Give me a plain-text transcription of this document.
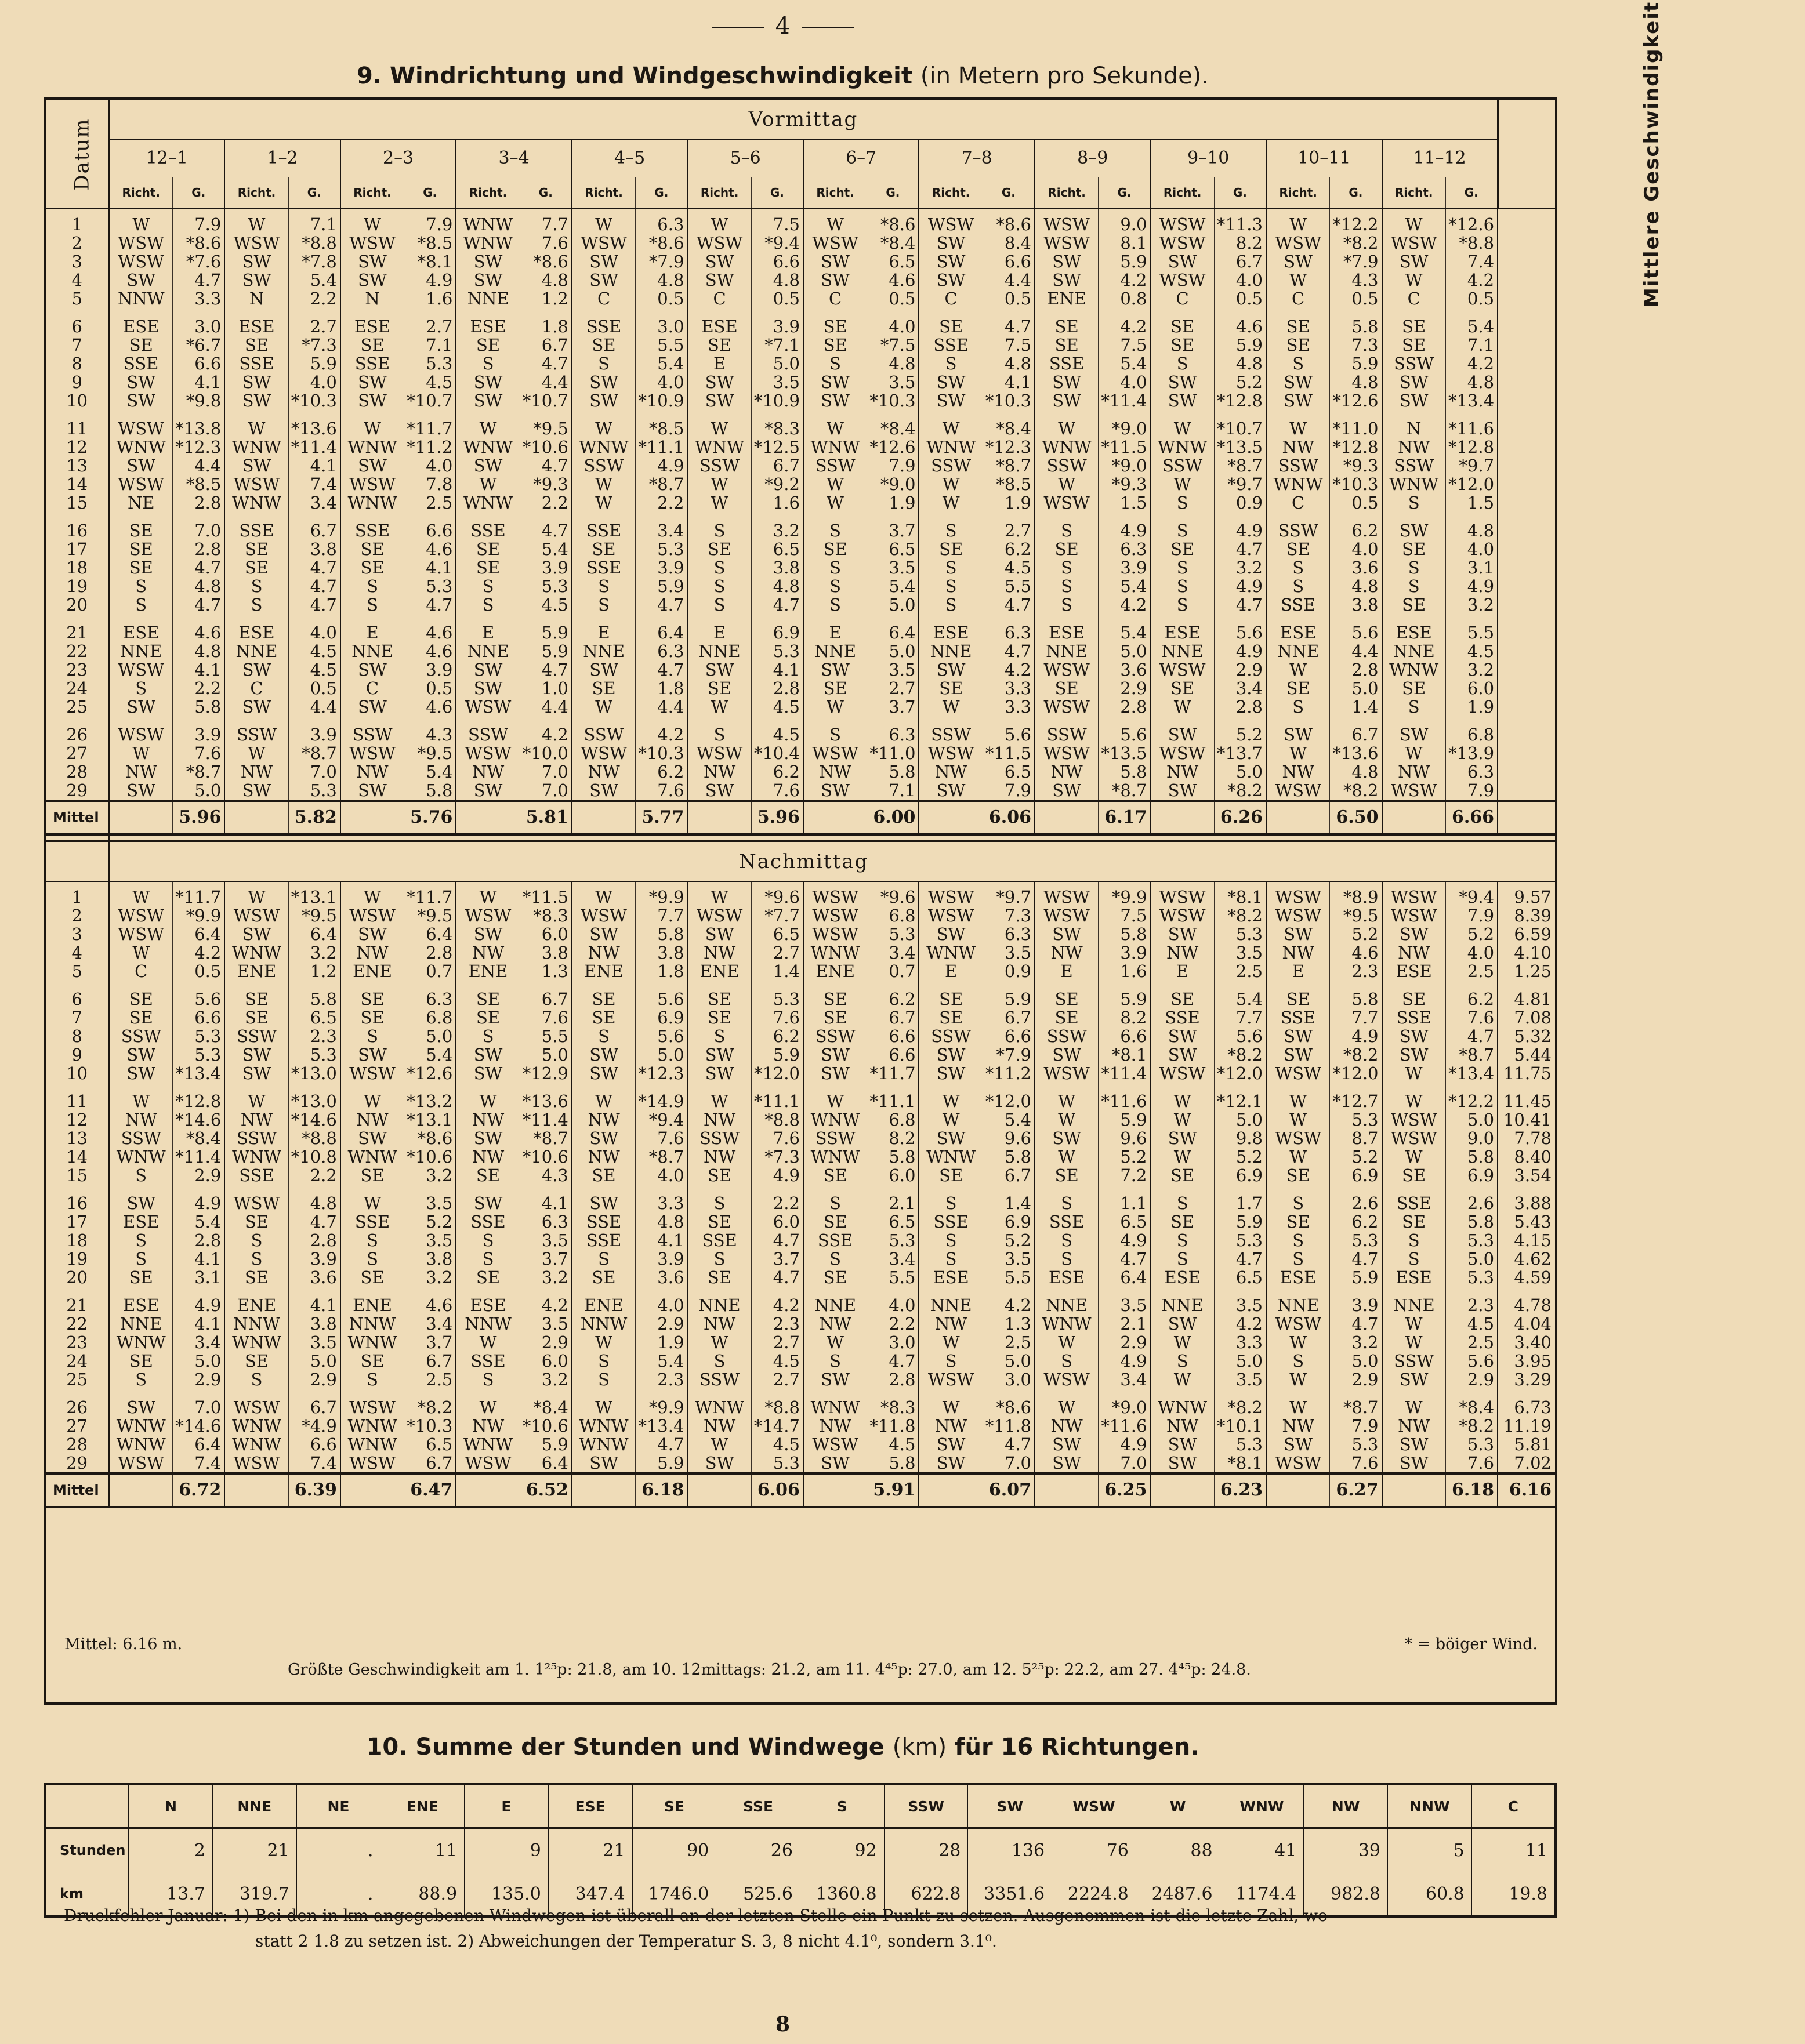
4
9. Windrichtung und Windgeschwindigkeit (in Metern pro Sekunde).
Datum	Vormittag																								Mittlere Geschwindigkeit
	12–1		1–2		2–3		3–4		4–5		5–6		6–7		7–8		8–9		9–10		10–11		11–12		
	Richt.	G.	Richt.	G.	Richt.	G.	Richt.	G.	Richt.	G.	Richt.	G.	Richt.	G.	Richt.	G.	Richt.	G.	Richt.	G.	Richt.	G.	Richt.	G.	
1	W	7.9	W	7.1	W	7.9	WNW	7.7	W	6.3	W	7.5	W	*8.6	WSW	*8.6	WSW	9.0	WSW	*11.3	W	*12.2	W	*12.6	
2	WSW	*8.6	WSW	*8.8	WSW	*8.5	WNW	7.6	WSW	*8.6	WSW	*9.4	WSW	*8.4	SW	8.4	WSW	8.1	WSW	8.2	WSW	*8.2	WSW	*8.8	
3	WSW	*7.6	SW	*7.8	SW	*8.1	SW	*8.6	SW	*7.9	SW	6.6	SW	6.5	SW	6.6	SW	5.9	SW	6.7	SW	*7.9	SW	7.4	
4	SW	4.7	SW	5.4	SW	4.9	SW	4.8	SW	4.8	SW	4.8	SW	4.6	SW	4.4	SW	4.2	WSW	4.0	W	4.3	W	4.2	
5	NNW	3.3	N	2.2	N	1.6	NNE	1.2	C	0.5	C	0.5	C	0.5	C	0.5	ENE	0.8	C	0.5	C	0.5	C	0.5	
6	ESE	3.0	ESE	2.7	ESE	2.7	ESE	1.8	SSE	3.0	ESE	3.9	SE	4.0	SE	4.7	SE	4.2	SE	4.6	SE	5.8	SE	5.4	
7	SE	*6.7	SE	*7.3	SE	7.1	SE	6.7	SE	5.5	SE	*7.1	SE	*7.5	SSE	7.5	SE	7.5	SE	5.9	SE	7.3	SE	7.1	
8	SSE	6.6	SSE	5.9	SSE	5.3	S	4.7	S	5.4	E	5.0	S	4.8	S	4.8	SSE	5.4	S	4.8	S	5.9	SSW	4.2	
9	SW	4.1	SW	4.0	SW	4.5	SW	4.4	SW	4.0	SW	3.5	SW	3.5	SW	4.1	SW	4.0	SW	5.2	SW	4.8	SW	4.8	
10	SW	*9.8	SW	*10.3	SW	*10.7	SW	*10.7	SW	*10.9	SW	*10.9	SW	*10.3	SW	*10.3	SW	*11.4	SW	*12.8	SW	*12.6	SW	*13.4	
11	WSW	*13.8	W	*13.6	W	*11.7	W	*9.5	W	*8.5	W	*8.3	W	*8.4	W	*8.4	W	*9.0	W	*10.7	W	*11.0	N	*11.6	
12	WNW	*12.3	WNW	*11.4	WNW	*11.2	WNW	*10.6	WNW	*11.1	WNW	*12.5	WNW	*12.6	WNW	*12.3	WNW	*11.5	WNW	*13.5	NW	*12.8	NW	*12.8	
13	SW	4.4	SW	4.1	SW	4.0	SW	4.7	SSW	4.9	SSW	6.7	SSW	7.9	SSW	*8.7	SSW	*9.0	SSW	*8.7	SSW	*9.3	SSW	*9.7	
14	WSW	*8.5	WSW	7.4	WSW	7.8	W	*9.3	W	*8.7	W	*9.2	W	*9.0	W	*8.5	W	*9.3	W	*9.7	WNW	*10.3	WNW	*12.0	
15	NE	2.8	WNW	3.4	WNW	2.5	WNW	2.2	W	2.2	W	1.6	W	1.9	W	1.9	WSW	1.5	S	0.9	C	0.5	S	1.5	
16	SE	7.0	SSE	6.7	SSE	6.6	SSE	4.7	SSE	3.4	S	3.2	S	3.7	S	2.7	S	4.9	S	4.9	SSW	6.2	SW	4.8	
17	SE	2.8	SE	3.8	SE	4.6	SE	5.4	SE	5.3	SE	6.5	SE	6.5	SE	6.2	SE	6.3	SE	4.7	SE	4.0	SE	4.0	
18	SE	4.7	SE	4.7	SE	4.1	SE	3.9	SSE	3.9	S	3.8	S	3.5	S	4.5	S	3.9	S	3.2	S	3.6	S	3.1	
19	S	4.8	S	4.7	S	5.3	S	5.3	S	5.9	S	4.8	S	5.4	S	5.5	S	5.4	S	4.9	S	4.8	S	4.9	
20	S	4.7	S	4.7	S	4.7	S	4.5	S	4.7	S	4.7	S	5.0	S	4.7	S	4.2	S	4.7	SSE	3.8	SE	3.2	
21	ESE	4.6	ESE	4.0	E	4.6	E	5.9	E	6.4	E	6.9	E	6.4	ESE	6.3	ESE	5.4	ESE	5.6	ESE	5.6	ESE	5.5	
22	NNE	4.8	NNE	4.5	NNE	4.6	NNE	5.9	NNE	6.3	NNE	5.3	NNE	5.0	NNE	4.7	NNE	5.0	NNE	4.9	NNE	4.4	NNE	4.5	
23	WSW	4.1	SW	4.5	SW	3.9	SW	4.7	SW	4.7	SW	4.1	SW	3.5	SW	4.2	WSW	3.6	WSW	2.9	W	2.8	WNW	3.2	
24	S	2.2	C	0.5	C	0.5	SW	1.0	SE	1.8	SE	2.8	SE	2.7	SE	3.3	SE	2.9	SE	3.4	SE	5.0	SE	6.0	
25	SW	5.8	SW	4.4	SW	4.6	WSW	4.4	W	4.4	W	4.5	W	3.7	W	3.3	WSW	2.8	W	2.8	S	1.4	S	1.9	
26	WSW	3.9	SSW	3.9	SSW	4.3	SSW	4.2	SSW	4.2	S	4.5	S	6.3	SSW	5.6	SSW	5.6	SW	5.2	SW	6.7	SW	6.8	
27	W	7.6	W	*8.7	WSW	*9.5	WSW	*10.0	WSW	*10.3	WSW	*10.4	WSW	*11.0	WSW	*11.5	WSW	*13.5	WSW	*13.7	W	*13.6	W	*13.9	
28	NW	*8.7	NW	7.0	NW	5.4	NW	7.0	NW	6.2	NW	6.2	NW	5.8	NW	6.5	NW	5.8	NW	5.0	NW	4.8	NW	6.3	
29	SW	5.0	SW	5.3	SW	5.8	SW	7.0	SW	7.6	SW	7.6	SW	7.1	SW	7.9	SW	*8.7	SW	*8.2	WSW	*8.2	WSW	7.9	
Mittel		5.96		5.82		5.76		5.81		5.77		5.96		6.00		6.06		6.17		6.26		6.50		6.66	

	Nachmittag																								
1	W	*11.7	W	*13.1	W	*11.7	W	*11.5	W	*9.9	W	*9.6	WSW	*9.6	WSW	*9.7	WSW	*9.9	WSW	*8.1	WSW	*8.9	WSW	*9.4	9.57
2	WSW	*9.9	WSW	*9.5	WSW	*9.5	WSW	*8.3	WSW	7.7	WSW	*7.7	WSW	6.8	WSW	7.3	WSW	7.5	WSW	*8.2	WSW	*9.5	WSW	7.9	8.39
3	WSW	6.4	SW	6.4	SW	6.4	SW	6.0	SW	5.8	SW	6.5	WSW	5.3	SW	6.3	SW	5.8	SW	5.3	SW	5.2	SW	5.2	6.59
4	W	4.2	WNW	3.2	NW	2.8	NW	3.8	NW	3.8	NW	2.7	WNW	3.4	WNW	3.5	NW	3.9	NW	3.5	NW	4.6	NW	4.0	4.10
5	C	0.5	ENE	1.2	ENE	0.7	ENE	1.3	ENE	1.8	ENE	1.4	ENE	0.7	E	0.9	E	1.6	E	2.5	E	2.3	ESE	2.5	1.25
6	SE	5.6	SE	5.8	SE	6.3	SE	6.7	SE	5.6	SE	5.3	SE	6.2	SE	5.9	SE	5.9	SE	5.4	SE	5.8	SE	6.2	4.81
7	SE	6.6	SE	6.5	SE	6.8	SE	7.6	SE	6.9	SE	7.6	SE	6.7	SE	6.7	SE	8.2	SSE	7.7	SSE	7.7	SSE	7.6	7.08
8	SSW	5.3	SSW	2.3	S	5.0	S	5.5	S	5.6	S	6.2	SSW	6.6	SSW	6.6	SSW	6.6	SW	5.6	SW	4.9	SW	4.7	5.32
9	SW	5.3	SW	5.3	SW	5.4	SW	5.0	SW	5.0	SW	5.9	SW	6.6	SW	*7.9	SW	*8.1	SW	*8.2	SW	*8.2	SW	*8.7	5.44
10	SW	*13.4	SW	*13.0	WSW	*12.6	SW	*12.9	SW	*12.3	SW	*12.0	SW	*11.7	SW	*11.2	WSW	*11.4	WSW	*12.0	WSW	*12.0	W	*13.4	11.75
11	W	*12.8	W	*13.0	W	*13.2	W	*13.6	W	*14.9	W	*11.1	W	*11.1	W	*12.0	W	*11.6	W	*12.1	W	*12.7	W	*12.2	11.45
12	NW	*14.6	NW	*14.6	NW	*13.1	NW	*11.4	NW	*9.4	NW	*8.8	WNW	6.8	W	5.4	W	5.9	W	5.0	W	5.3	WSW	5.0	10.41
13	SSW	*8.4	SSW	*8.8	SW	*8.6	SW	*8.7	SW	7.6	SSW	7.6	SSW	8.2	SW	9.6	SW	9.6	SW	9.8	WSW	8.7	WSW	9.0	7.78
14	WNW	*11.4	WNW	*10.8	WNW	*10.6	NW	*10.6	NW	*8.7	NW	*7.3	WNW	5.8	WNW	5.8	W	5.2	W	5.2	W	5.2	W	5.8	8.40
15	S	2.9	SSE	2.2	SE	3.2	SE	4.3	SE	4.0	SE	4.9	SE	6.0	SE	6.7	SE	7.2	SE	6.9	SE	6.9	SE	6.9	3.54
16	SW	4.9	WSW	4.8	W	3.5	SW	4.1	SW	3.3	S	2.2	S	2.1	S	1.4	S	1.1	S	1.7	S	2.6	SSE	2.6	3.88
17	ESE	5.4	SE	4.7	SSE	5.2	SSE	6.3	SSE	4.8	SE	6.0	SE	6.5	SSE	6.9	SSE	6.5	SE	5.9	SE	6.2	SE	5.8	5.43
18	S	2.8	S	2.8	S	3.5	S	3.5	SSE	4.1	SSE	4.7	SSE	5.3	S	5.2	S	4.9	S	5.3	S	5.3	S	5.3	4.15
19	S	4.1	S	3.9	S	3.8	S	3.7	S	3.9	S	3.7	S	3.4	S	3.5	S	4.7	S	4.7	S	4.7	S	5.0	4.62
20	SE	3.1	SE	3.6	SE	3.2	SE	3.2	SE	3.6	SE	4.7	SE	5.5	ESE	5.5	ESE	6.4	ESE	6.5	ESE	5.9	ESE	5.3	4.59
21	ESE	4.9	ENE	4.1	ENE	4.6	ESE	4.2	ENE	4.0	NNE	4.2	NNE	4.0	NNE	4.2	NNE	3.5	NNE	3.5	NNE	3.9	NNE	2.3	4.78
22	NNE	4.1	NNW	3.8	NNW	3.4	NNW	3.5	NNW	2.9	NW	2.3	NW	2.2	NW	1.3	WNW	2.1	SW	4.2	WSW	4.7	W	4.5	4.04
23	WNW	3.4	WNW	3.5	WNW	3.7	W	2.9	W	1.9	W	2.7	W	3.0	W	2.5	W	2.9	W	3.3	W	3.2	W	2.5	3.40
24	SE	5.0	SE	5.0	SE	6.7	SSE	6.0	S	5.4	S	4.5	S	4.7	S	5.0	S	4.9	S	5.0	S	5.0	SSW	5.6	3.95
25	S	2.9	S	2.9	S	2.5	S	3.2	S	2.3	SSW	2.7	SW	2.8	WSW	3.0	WSW	3.4	W	3.5	W	2.9	SW	2.9	3.29
26	SW	7.0	WSW	6.7	WSW	*8.2	W	*8.4	W	*9.9	WNW	*8.8	WNW	*8.3	W	*8.6	W	*9.0	WNW	*8.2	W	*8.7	W	*8.4	6.73
27	WNW	*14.6	WNW	*4.9	WNW	*10.3	NW	*10.6	WNW	*13.4	NW	*14.7	NW	*11.8	NW	*11.8	NW	*11.6	NW	*10.1	NW	7.9	NW	*8.2	11.19
28	WNW	6.4	WNW	6.6	WNW	6.5	WNW	5.9	WNW	4.7	W	4.5	WSW	4.5	SW	4.7	SW	4.9	SW	5.3	SW	5.3	SW	5.3	5.81
29	WSW	7.4	WSW	7.4	WSW	6.7	WSW	6.4	SW	5.9	SW	5.3	SW	5.8	SW	7.0	SW	7.0	SW	*8.1	WSW	7.6	SW	7.6	7.02
Mittel		6.72		6.39		6.47		6.52		6.18		6.06		5.91		6.07		6.25		6.23		6.27		6.18	6.16
Mittel: 6.16 m.	* = böiger Wind.
Größte Geschwindigkeit am 1. 1²⁵p: 21.8, am 10. 12mittags: 21.2, am 11. 4⁴⁵p: 27.0, am 12. 5²⁵p: 22.2, am 27. 4⁴⁵p: 24.8.
10. Summe der Stunden und Windwege (km) für 16 Richtungen.
	N	NNE	NE	ENE	E	ESE	SE	SSE	S	SSW	SW	WSW	W	WNW	NW	NNW	C
Stunden	2	21	.	11	9	21	90	26	92	28	136	76	88	41	39	5	11
km	13.7	319.7	.	88.9	135.0	347.4	1746.0	525.6	1360.8	622.8	3351.6	2224.8	2487.6	1174.4	982.8	60.8	19.8
Druckfehler Januar: 1) Bei den in km angegebenen Windwegen ist überall an der letzten Stelle ein Punkt zu setzen. Ausgenommen ist die letzte Zahl, wo
statt 2 1.8 zu setzen ist. 2) Abweichungen der Temperatur S. 3, 8 nicht 4.1⁰, sondern 3.1⁰.
8
